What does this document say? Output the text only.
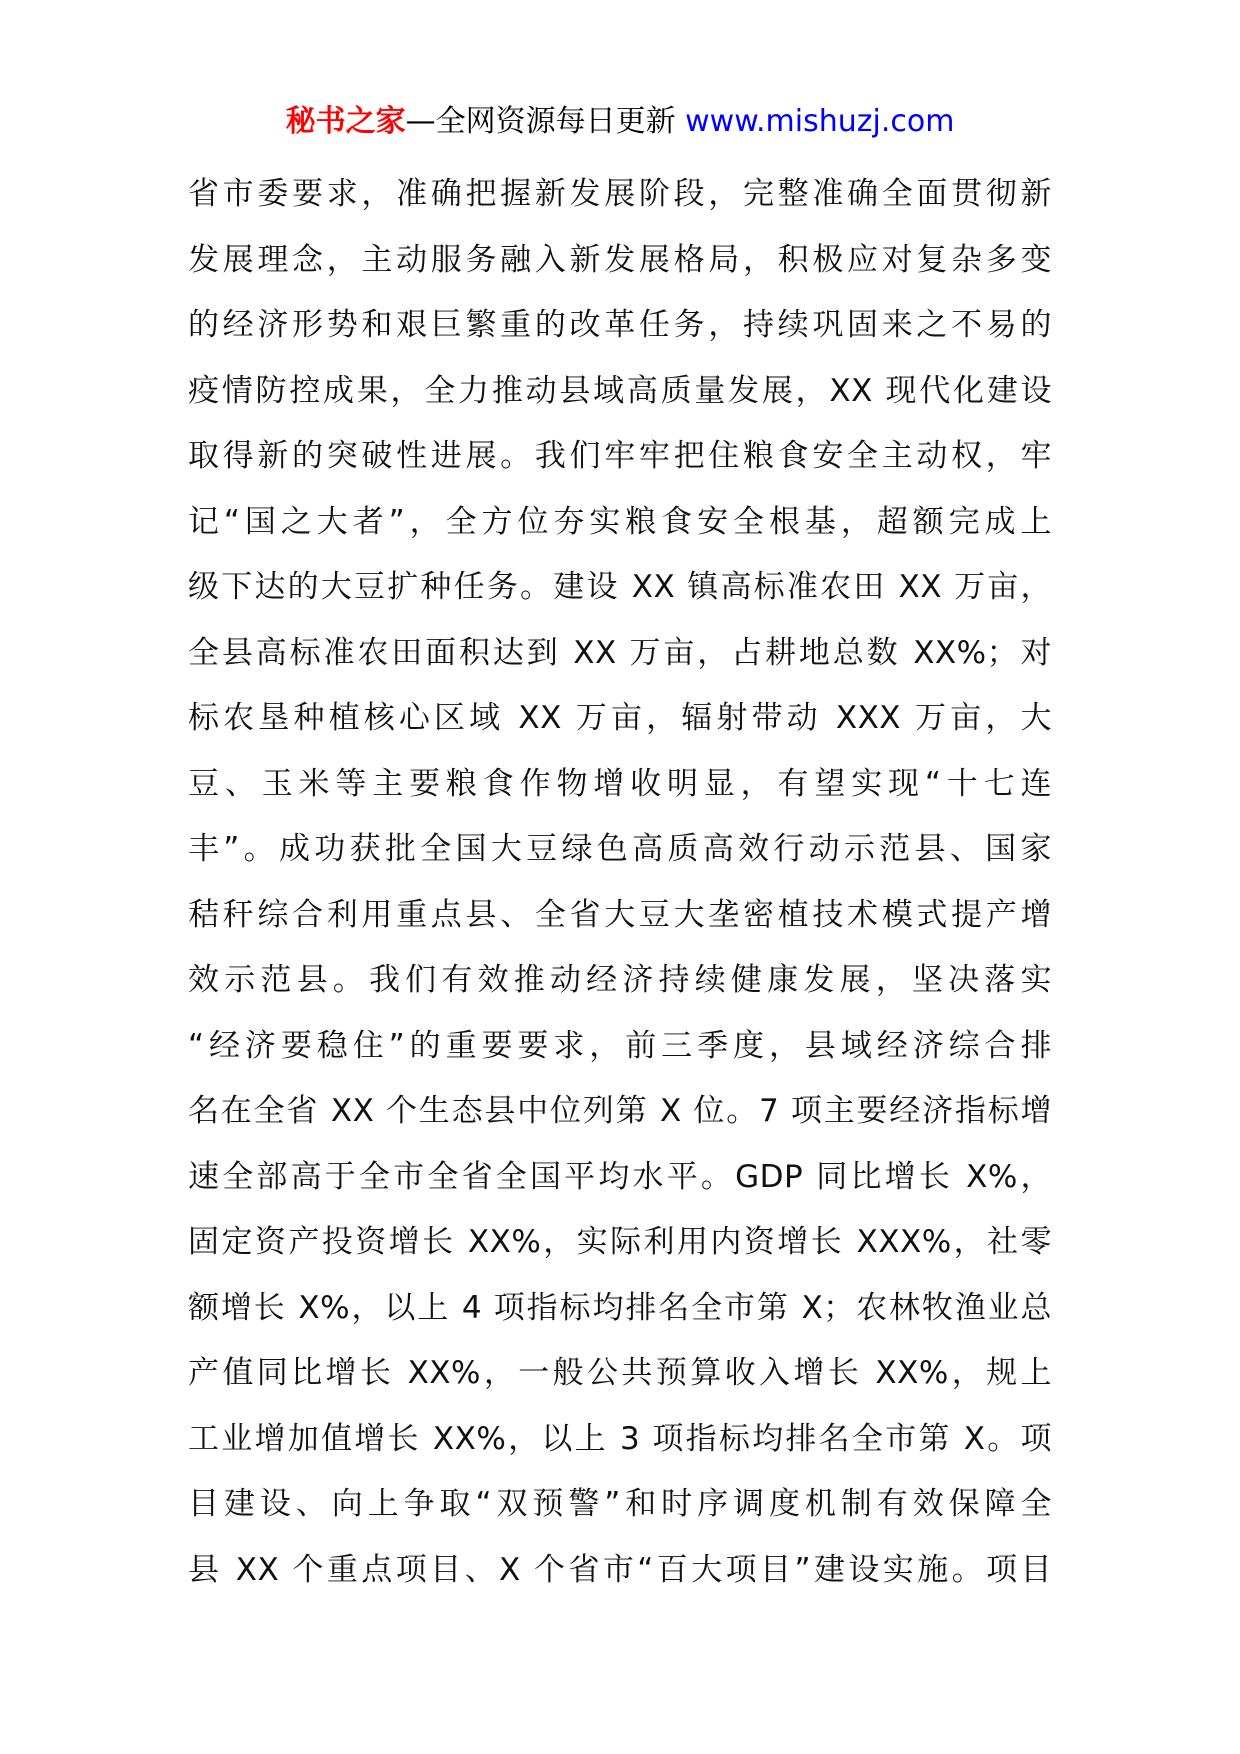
秘书之家—全网资源每日更新 www.mishuzj.com
省市委要求，准确把握新发展阶段，完整准确全面贯彻新
发展理念，主动服务融入新发展格局，积极应对复杂多变
的经济形势和艰巨繁重的改革任务，持续巩固来之不易的
疫情防控成果，全力推动县域高质量发展，XX 现代化建设
取得新的突破性进展。我们牢牢把住粮食安全主动权，牢
记“国之大者”，全方位夯实粮食安全根基，超额完成上
级下达的大豆扩种任务。建设 XX 镇高标准农田 XX 万亩，
全县高标准农田面积达到 XX 万亩，占耕地总数 XX%；对
标农垦种植核心区域 XX 万亩，辐射带动 XXX 万亩，大
豆、玉米等主要粮食作物增收明显，有望实现“十七连
丰”。成功获批全国大豆绿色高质高效行动示范县、国家
秸秆综合利用重点县、全省大豆大垄密植技术模式提产增
效示范县。我们有效推动经济持续健康发展，坚决落实
“经济要稳住”的重要要求，前三季度，县域经济综合排
名在全省 XX 个生态县中位列第 X 位。7 项主要经济指标增
速全部高于全市全省全国平均水平。GDP 同比增长 X%，
固定资产投资增长 XX%，实际利用内资增长 XXX%，社零
额增长 X%，以上 4 项指标均排名全市第 X；农林牧渔业总
产值同比增长 XX%，一般公共预算收入增长 XX%，规上
工业增加值增长 XX%，以上 3 项指标均排名全市第 X。项
目建设、向上争取“双预警”和时序调度机制有效保障全
县 XX 个重点项目、X 个省市“百大项目”建设实施。项目
